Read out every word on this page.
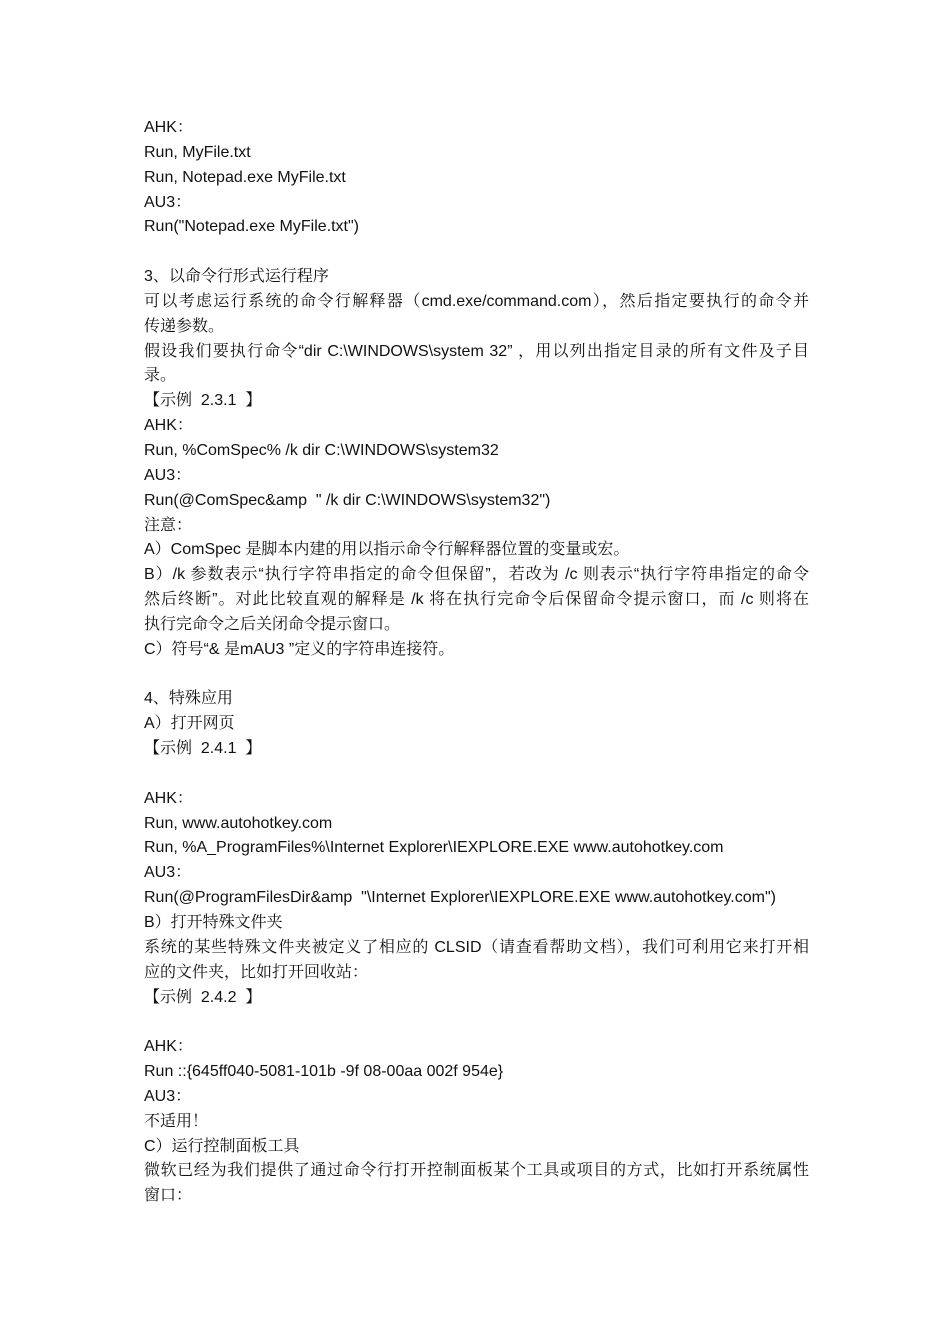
AHK：
Run, MyFile.txt
Run, Notepad.exe MyFile.txt
AU3：
Run("Notepad.exe MyFile.txt")
3、以命令行形式运行程序
可以考虑运行系统的命令行解释器（cmd.exe/command.com），然后指定要执行的命令并
传递参数。
假设我们要执行命令“dir C:\WINDOWS\system 32” ，用以列出指定目录的所有文件及子目
录。
【示例  2.3.1  】
AHK：
Run, %ComSpec% /k dir C:\WINDOWS\system32
AU3：
Run(@ComSpec&amp  " /k dir C:\WINDOWS\system32")
注意：
A）ComSpec 是脚本内建的用以指示命令行解释器位置的变量或宏。
B）/k 参数表示“执行字符串指定的命令但保留”，若改为 /c 则表示“执行字符串指定的命令
然后终断”。对此比较直观的解释是 /k 将在执行完命令后保留命令提示窗口，而 /c 则将在
执行完命令之后关闭命令提示窗口。
C）符号“& 是mAU3 ”定义的字符串连接符。
4、特殊应用
A）打开网页
【示例  2.4.1  】
AHK：
Run, www.autohotkey.com
Run, %A_ProgramFiles%\Internet Explorer\IEXPLORE.EXE www.autohotkey.com
AU3：
Run(@ProgramFilesDir&amp  "\Internet Explorer\IEXPLORE.EXE www.autohotkey.com")
B）打开特殊文件夹
系统的某些特殊文件夹被定义了相应的 CLSID（请查看帮助文档），我们可利用它来打开相
应的文件夹，比如打开回收站：
【示例  2.4.2  】
AHK：
Run ::{645ff040-5081-101b -9f 08-00aa 002f 954e}
AU3：
不适用！
C）运行控制面板工具
微软已经为我们提供了通过命令行打开控制面板某个工具或项目的方式，比如打开系统属性
窗口：
